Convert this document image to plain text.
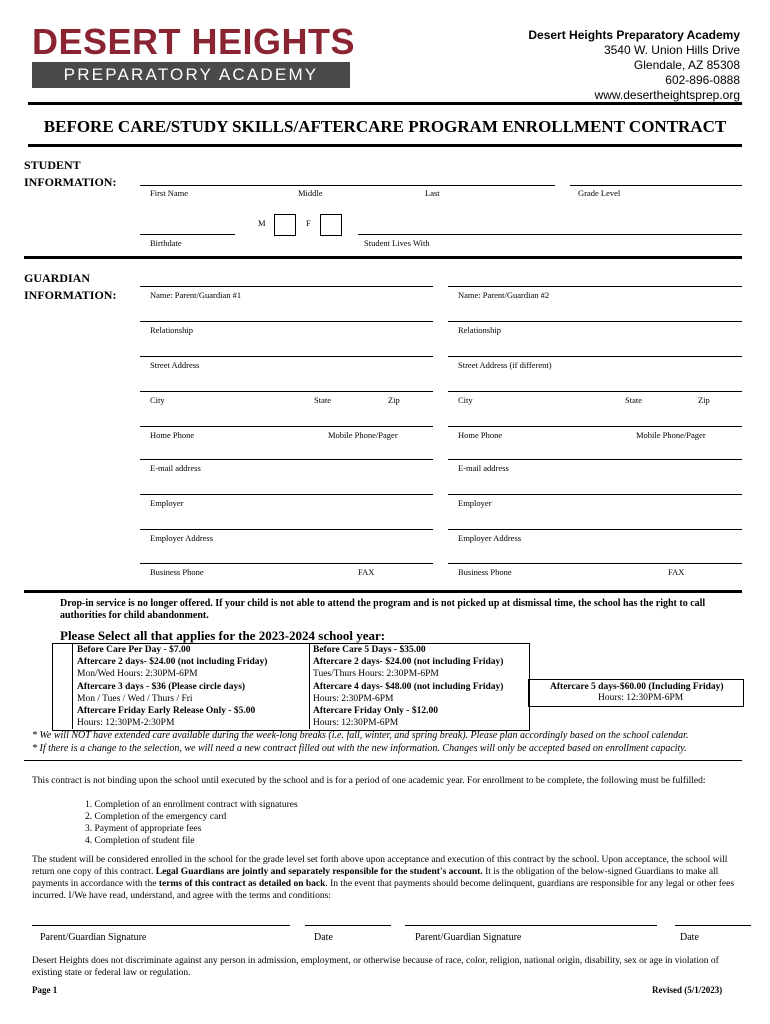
DESERT HEIGHTS
PREPARATORY ACADEMY
Desert Heights Preparatory Academy
3540 W. Union Hills Drive
Glendale, AZ 85308
602-896-0888
www.desertheightsprep.org
BEFORE CARE/STUDY SKILLS/AFTERCARE PROGRAM ENROLLMENT CONTRACT
STUDENT
INFORMATION:
First Name	Middle	Last	Grade Level
M	F
Birthdate	Student Lives With
GUARDIAN
INFORMATION:	Name: Parent/Guardian #1	Name: Parent/Guardian #2
Relationship	Relationship
Street Address	Street Address (if different)
City	State	Zip	City	State	Zip
Home Phone	Mobile Phone/Pager	Home Phone	Mobile Phone/Pager
E-mail address	E-mail address
Employer	Employer
Employer Address	Employer Address
Business Phone	FAX	Business Phone	FAX
Drop-in service is no longer offered. If your child is not able to attend the program and is not picked up at dismissal time, the school has the right to call authorities for child abandonment.
Please Select all that applies for the 2023-2024 school year:
Before Care Per Day - $7.00
Aftercare 2 days- $24.00 (not including Friday)
Mon/Wed Hours: 2:30PM-6PM
Aftercare 3 days - $36 (Please circle days)
Mon / Tues / Wed / Thurs / Fri
Aftercare Friday Early Release Only - $5.00
Hours: 12:30PM-2:30PM
Before Care 5 Days - $35.00
Aftercare 2 days- $24.00 (not including Friday)
Tues/Thurs Hours: 2:30PM-6PM
Aftercare 4 days- $48.00 (not including Friday)
Hours: 2:30PM-6PM
Aftercare Friday Only - $12.00
Hours: 12:30PM-6PM
Aftercare 5 days-$60.00 (Including Friday)
Hours: 12:30PM-6PM
* We will NOT have extended care available during the week-long breaks (i.e. fall, winter, and spring break). Please plan accordingly based on the school calendar.
* If there is a change to the selection, we will need a new contract filled out with the new information. Changes will only be accepted based on enrollment capacity.
This contract is not binding upon the school until executed by the school and is for a period of one academic year. For enrollment to be complete, the following must be fulfilled:
1. Completion of an enrollment contract with signatures
2. Completion of the emergency card
3. Payment of appropriate fees
4. Completion of student file
The student will be considered enrolled in the school for the grade level set forth above upon acceptance and execution of this contract by the school. Upon acceptance, the school will return one copy of this contract. Legal Guardians are jointly and separately responsible for the student's account. It is the obligation of the below-signed Guardians to make all payments in accordance with the terms of this contract as detailed on back. In the event that payments should become delinquent, guardians are responsible for any legal or other fees incurred. I/We have read, understand, and agree with the terms and conditions:
Parent/Guardian Signature	Date	Parent/Guardian Signature	Date
Desert Heights does not discriminate against any person in admission, employment, or otherwise because of race, color, religion, national origin, disability, sex or age in violation of existing state or federal law or regulation.
Page 1	Revised (5/1/2023)
